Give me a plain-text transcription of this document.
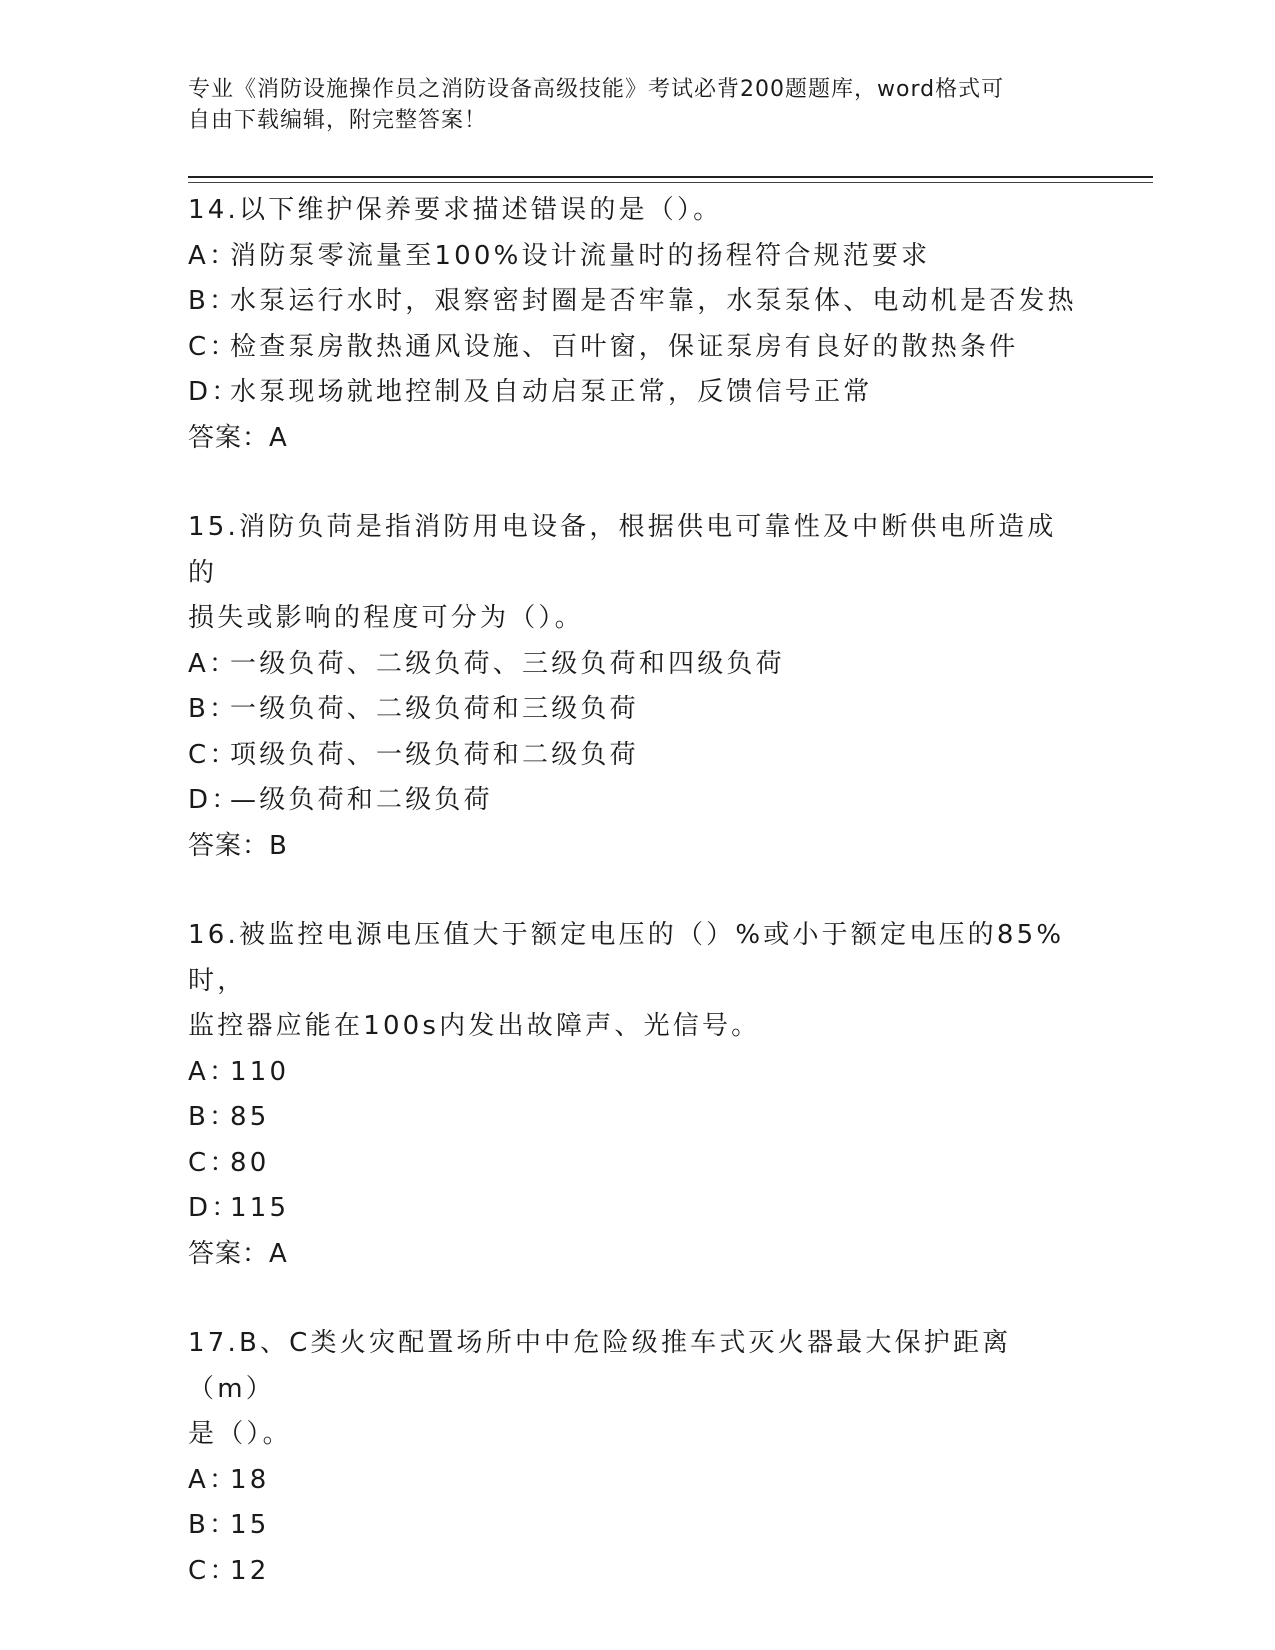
专业《消防设施操作员之消防设备高级技能》考试必背200题题库，word格式可
自由下载编辑，附完整答案！
14.以下维护保养要求描述错误的是（）。
A：
消防泵零流量至100%设计流量时的扬程符合规范要求
B：
水泵运行水时，艰察密封圈是否牢靠，水泵泵体、电动机是否发热
C：
检查泵房散热通风设施、百叶窗，保证泵房有良好的散热条件
D：
水泵现场就地控制及自动启泵正常，反馈信号正常
答案：A
15.消防负苘是指消防用电设备，根据供电可靠性及中断供电所造成的
损失或影响的程度可分为（）。
A：
一级负荷、二级负荷、三级负荷和四级负荷
B：
一级负荷、二级负荷和三级负荷
C：
项级负荷、一级负荷和二级负荷
D：
—级负荷和二级负荷
答案：B
16.被监控电源电压值大于额定电压的（）%或小于额定电压的85%时，
监控器应能在100s内发出故障声、光信号。
A：
110
B：
85
C：
80
D：
115
答案：A
17.B、C类火灾配置场所中中危险级推车式灭火器最大保护距离（m）
是（）。
A：
18
B：
15
C：
12
